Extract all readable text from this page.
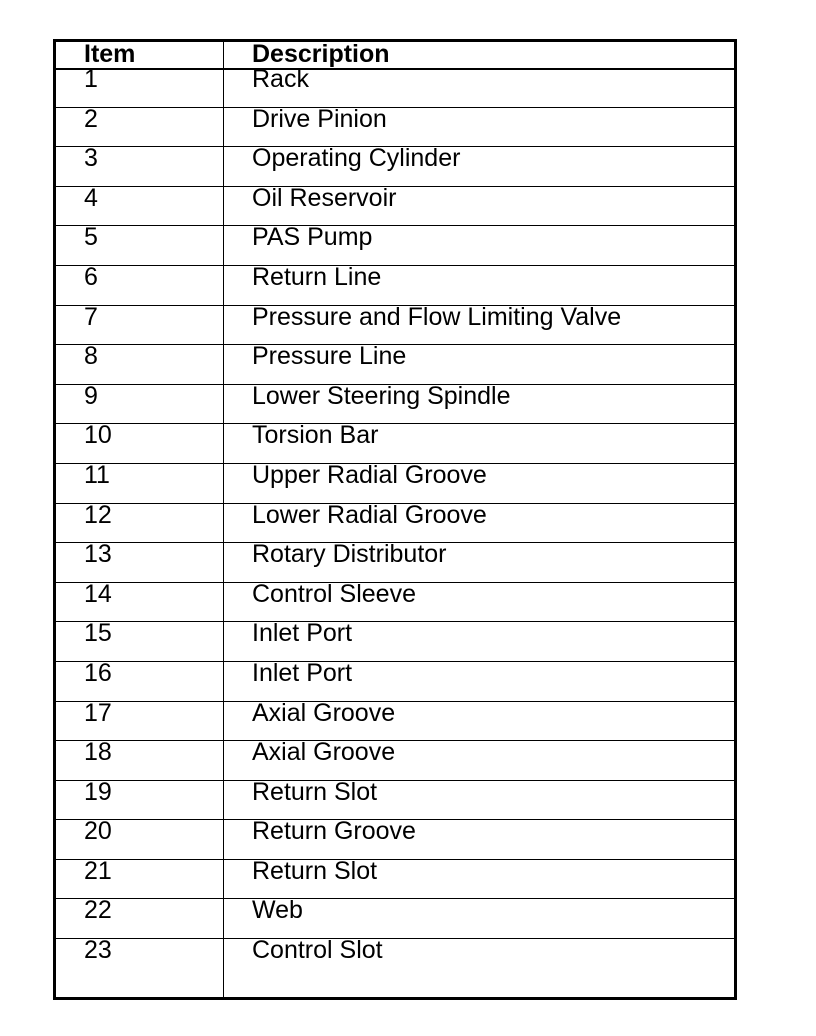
Item	Description
1	Rack
2	Drive Pinion
3	Operating Cylinder
4	Oil Reservoir
5	PAS Pump
6	Return Line
7	Pressure and Flow Limiting Valve
8	Pressure Line
9	Lower Steering Spindle
10	Torsion Bar
11	Upper Radial Groove
12	Lower Radial Groove
13	Rotary Distributor
14	Control Sleeve
15	Inlet Port
16	Inlet Port
17	Axial Groove
18	Axial Groove
19	Return Slot
20	Return Groove
21	Return Slot
22	Web
23	Control Slot
